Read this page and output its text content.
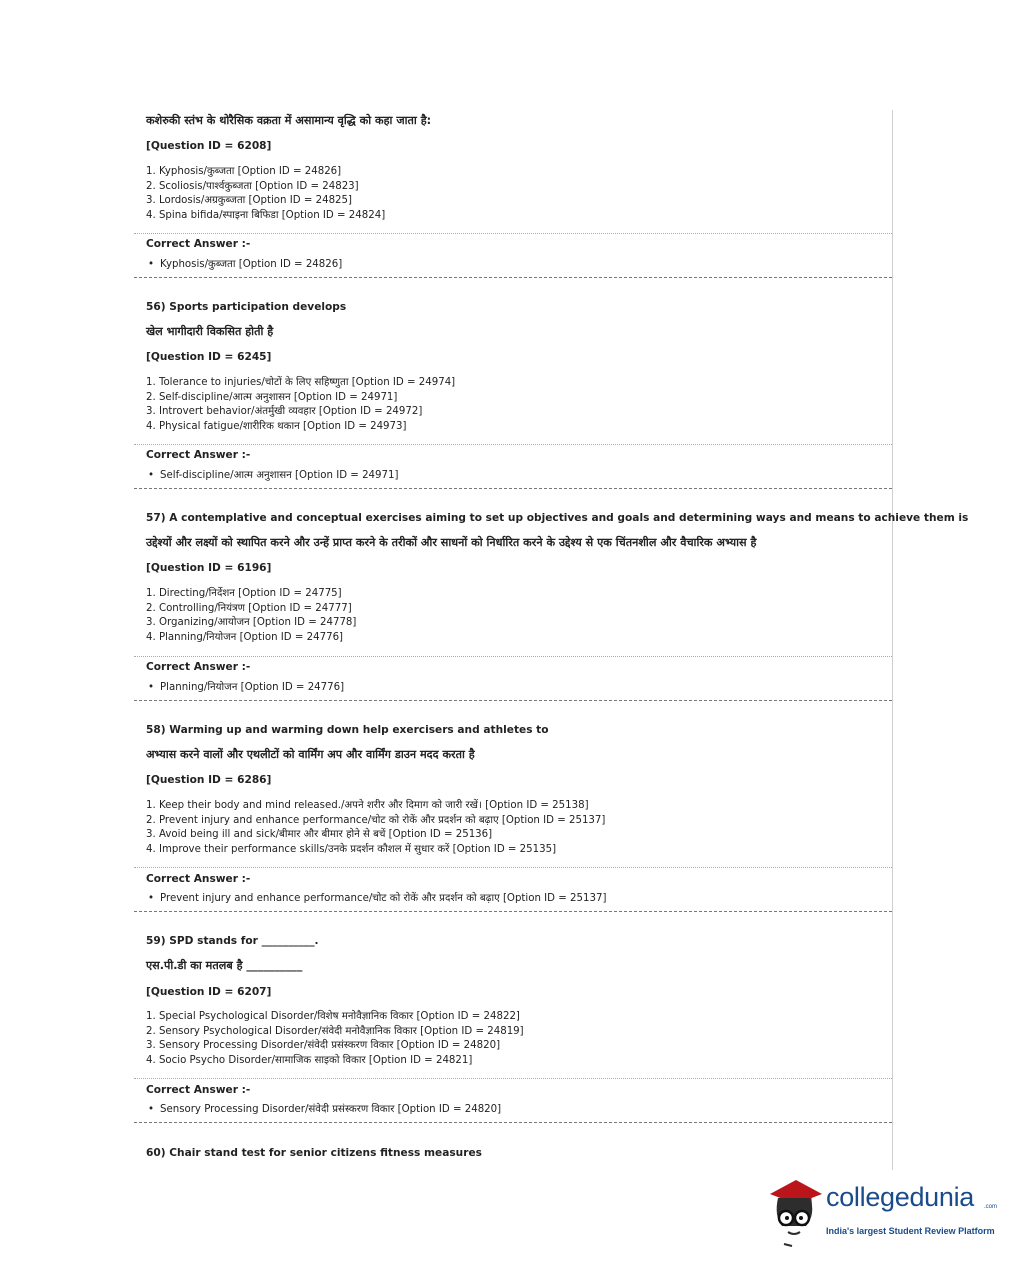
कशेरुकी स्तंभ के थोरैसिक वक्रता में असामान्य वृद्धि को कहा जाता है:

[Question ID = 6208]

1. Kyphosis/कुब्जता [Option ID = 24826]

2. Scoliosis/पार्श्वकुब्जता [Option ID = 24823]

3. Lordosis/अग्रकुब्जता [Option ID = 24825]

4. Spina bifida/स्पाइना बिफिडा [Option ID = 24824]

Correct Answer :-

• Kyphosis/कुब्जता [Option ID = 24826]

56) Sports participation develops

खेल भागीदारी विकसित होती है

[Question ID = 6245]

1. Tolerance to injuries/चोटों के लिए सहिष्णुता [Option ID = 24974]

2. Self-discipline/आत्म अनुशासन [Option ID = 24971]

3. Introvert behavior/अंतर्मुखी व्यवहार [Option ID = 24972]

4. Physical fatigue/शारीरिक थकान [Option ID = 24973]

Correct Answer :-

• Self-discipline/आत्म अनुशासन [Option ID = 24971]

57) A contemplative and conceptual exercises aiming to set up objectives and goals and determining ways and means to achieve them is

उद्देश्यों और लक्ष्यों को स्थापित करने और उन्हें प्राप्त करने के तरीकों और साधनों को निर्धारित करने के उद्देश्य से एक चिंतनशील और वैचारिक अभ्यास है

[Question ID = 6196]

1. Directing/निर्देशन [Option ID = 24775]

2. Controlling/नियंत्रण [Option ID = 24777]

3. Organizing/आयोजन [Option ID = 24778]

4. Planning/नियोजन [Option ID = 24776]

Correct Answer :-

• Planning/नियोजन [Option ID = 24776]

58) Warming up and warming down help exercisers and athletes to

अभ्यास करने वालों और एथलीटों को वार्मिंग अप और वार्मिंग डाउन मदद करता है

[Question ID = 6286]

1. Keep their body and mind released./अपने शरीर और दिमाग को जारी रखें। [Option ID = 25138]

2. Prevent injury and enhance performance/चोट को रोकें और प्रदर्शन को बढ़ाए [Option ID = 25137]

3. Avoid being ill and sick/बीमार और बीमार होने से बचें [Option ID = 25136]

4. Improve their performance skills/उनके प्रदर्शन कौशल में सुधार करें [Option ID = 25135]

Correct Answer :-

• Prevent injury and enhance performance/चोट को रोकें और प्रदर्शन को बढ़ाए [Option ID = 25137]

59) SPD stands for __________.

एस.पी.डी का मतलब है __________

[Question ID = 6207]

1. Special Psychological Disorder/विशेष मनोवैज्ञानिक विकार [Option ID = 24822]

2. Sensory Psychological Disorder/संवेदी मनोवैज्ञानिक विकार [Option ID = 24819]

3. Sensory Processing Disorder/संवेदी प्रसंस्करण विकार [Option ID = 24820]

4. Socio Psycho Disorder/सामाजिक साइको विकार [Option ID = 24821]

Correct Answer :-

• Sensory Processing Disorder/संवेदी प्रसंस्करण विकार [Option ID = 24820]

60) Chair stand test for senior citizens fitness measures

collegedunia .com
India's largest Student Review Platform
